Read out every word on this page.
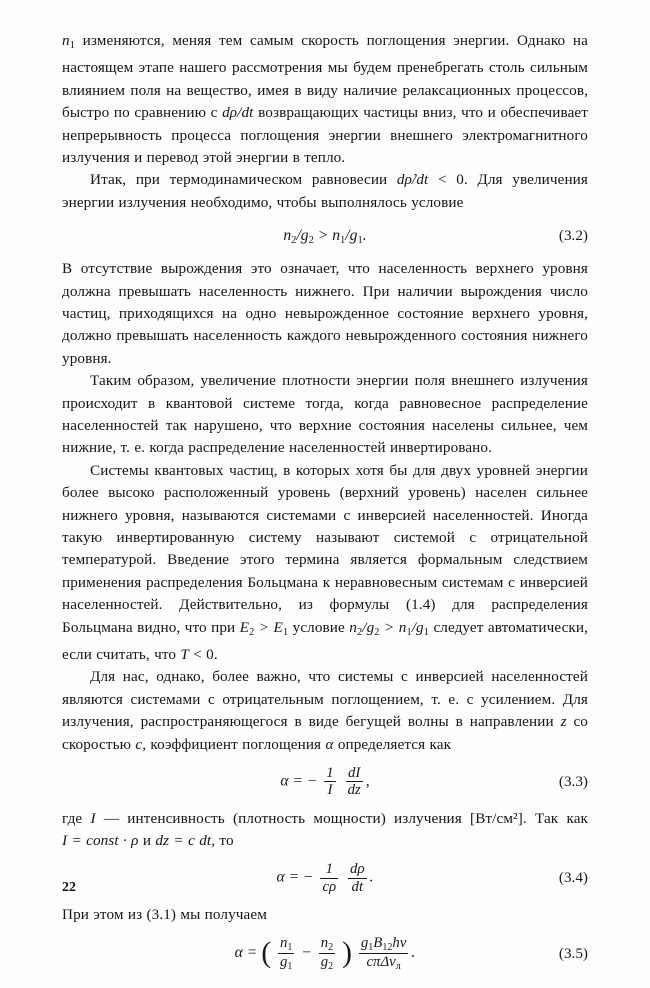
$n_1$ изменяются, меняя тем самым скорость поглощения энергии. Однако на настоящем этапе нашего рассмотрения мы будем пренебрегать столь сильным влиянием поля на вещество, имея в виду наличие релаксационных процессов, быстро по сравнению с dρ/dt возвращающих частицы вниз, что и обеспечивает непрерывность процесса поглощения энергии внешнего электромагнитного излучения и перевод этой энергии в тепло.

Итак, при термодинамическом равновесии dρ̇/dt < 0. Для увеличения энергии излучения необходимо, чтобы выполнялось условие

$n_2/g_2 > n_1/g_1$.	(3.2)

В отсутствие вырождения это означает, что населенность верхнего уровня должна превышать населенность нижнего. При наличии вырождения число частиц, приходящихся на одно невырожденное состояние верхнего уровня, должно превышать населенность каждого невырожденного состояния нижнего уровня.

Таким образом, увеличение плотности энергии поля внешнего излучения происходит в квантовой системе тогда, когда равновесное распределение населенностей так нарушено, что верхние состояния населены сильнее, чем нижние, т. е. когда распределение населенностей инвертировано.

Системы квантовых частиц, в которых хотя бы для двух уровней энергии более высоко расположенный уровень (верхний уровень) населен сильнее нижнего уровня, называются системами с инверсией населенностей. Иногда такую инвертированную систему называют системой с отрицательной температурой. Введение этого термина является формальным следствием применения распределения Больцмана к неравновесным системам с инверсией населенностей. Действительно, из формулы (1.4) для распределения Больцмана видно, что при $E_2 > E_1$ условие $n_2/g_2 > n_1/g_1$ следует автоматически, если считать, что T < 0.

Для нас, однако, более важно, что системы с инверсией населенностей являются системами с отрицательным поглощением, т. е. с усилением. Для излучения, распространяющегося в виде бегущей волны в направлении z со скоростью c, коэффициент поглощения α определяется как

α = − $\frac{1}{I}$
$\frac{dI}{dz}$ ,	(3.3)

где I — интенсивность (плотность мощности) излучения [Вт/см²]. Так как I = const · ρ и dz = c dt, то

α = − $\frac{1}{c\rho}$
$\frac{d\rho}{dt}$ .	(3.4)

При этом из (3.1) мы получаем

α = ( $\frac{n_1}{g_1} - \frac{n_2}{g_2}$ ) $\frac{g_1B_{12}h\nu}{c\pi\Delta\nu_л}$ .	(3.5)
22
